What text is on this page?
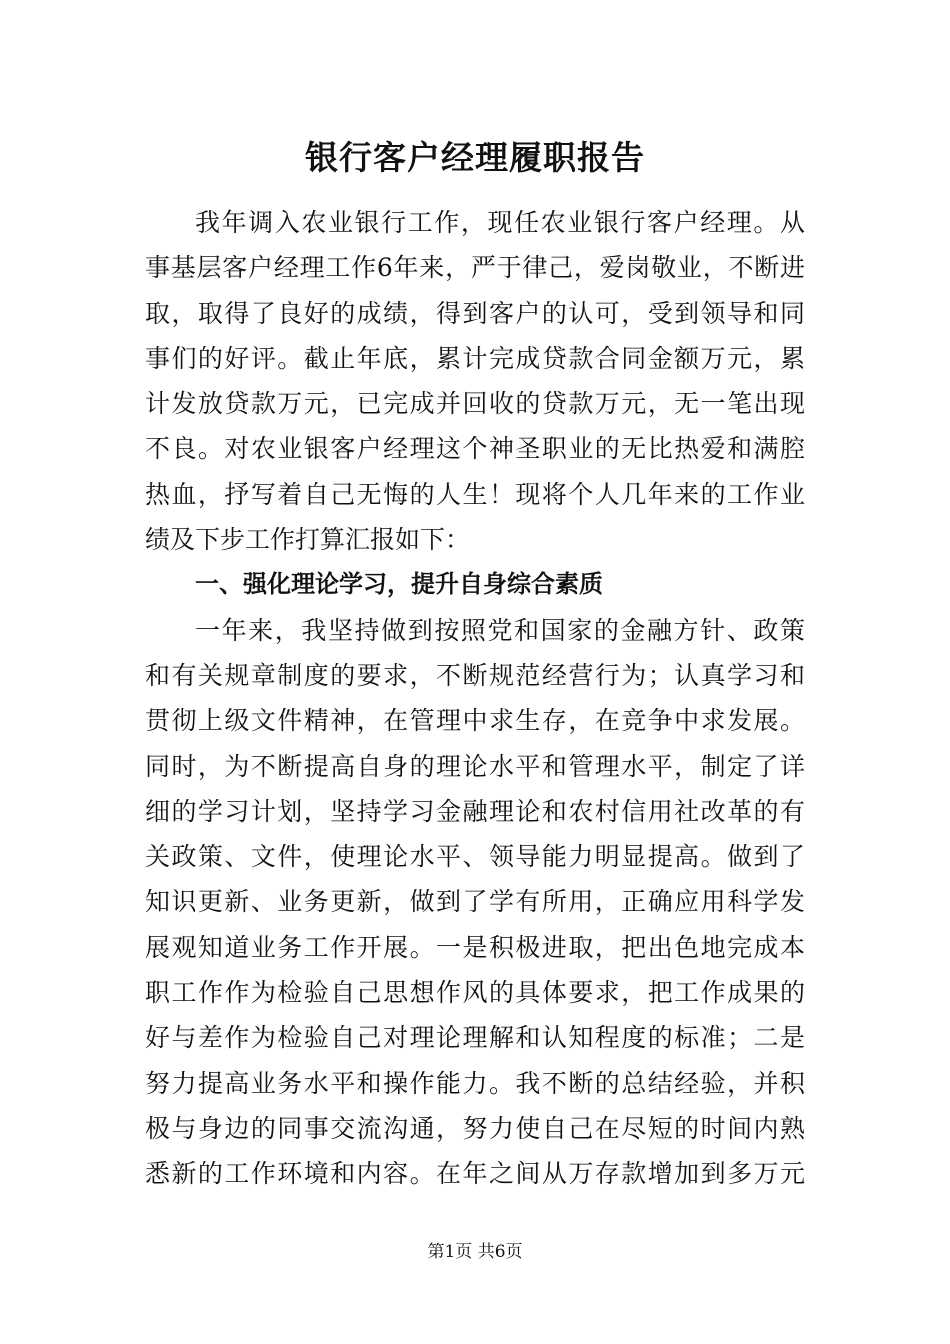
银行客户经理履职报告
我年调入农业银行工作，现任农业银行客户经理。从
事基层客户经理工作6年来，严于律己，爱岗敬业，不断进
取，取得了良好的成绩，得到客户的认可，受到领导和同
事们的好评。截止年底，累计完成贷款合同金额万元，累
计发放贷款万元，已完成并回收的贷款万元，无一笔出现
不良。对农业银客户经理这个神圣职业的无比热爱和满腔
热血，抒写着自己无悔的人生！现将个人几年来的工作业
绩及下步工作打算汇报如下：
一、强化理论学习，提升自身综合素质
一年来，我坚持做到按照党和国家的金融方针、政策
和有关规章制度的要求，不断规范经营行为；认真学习和
贯彻上级文件精神，在管理中求生存，在竞争中求发展。
同时，为不断提高自身的理论水平和管理水平，制定了详
细的学习计划，坚持学习金融理论和农村信用社改革的有
关政策、文件，使理论水平、领导能力明显提高。做到了
知识更新、业务更新，做到了学有所用，正确应用科学发
展观知道业务工作开展。一是积极进取，把出色地完成本
职工作作为检验自己思想作风的具体要求，把工作成果的
好与差作为检验自己对理论理解和认知程度的标准；二是
努力提高业务水平和操作能力。我不断的总结经验，并积
极与身边的同事交流沟通，努力使自己在尽短的时间内熟
悉新的工作环境和内容。在年之间从万存款增加到多万元
第1页 共6页
